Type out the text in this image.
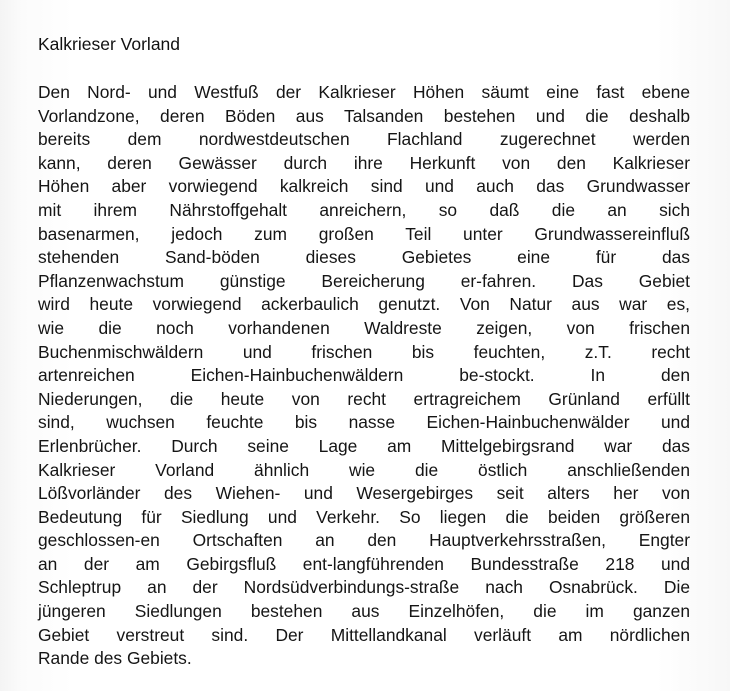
Kalkrieser Vorland
Den Nord- und Westfuß der Kalkrieser Höhen säumt eine fast ebene
Vorlandzone, deren Böden aus Talsanden bestehen und die deshalb
bereits dem nordwestdeutschen Flachland zugerechnet werden
kann, deren Gewässer durch ihre Herkunft von den Kalkrieser
Höhen aber vorwiegend kalkreich sind und auch das Grundwasser
mit ihrem Nährstoffgehalt anreichern, so daß die an sich
basenarmen, jedoch zum großen Teil unter Grundwassereinfluß
stehenden Sand-böden dieses Gebietes eine für das
Pflanzenwachstum günstige Bereicherung er-fahren. Das Gebiet
wird heute vorwiegend ackerbaulich genutzt. Von Natur aus war es,
wie die noch vorhandenen Waldreste zeigen, von frischen
Buchenmischwäldern und frischen bis feuchten, z.T. recht
artenreichen Eichen-Hainbuchenwäldern be-stockt. In den
Niederungen, die heute von recht ertragreichem Grünland erfüllt
sind, wuchsen feuchte bis nasse Eichen-Hainbuchenwälder und
Erlenbrücher. Durch seine Lage am Mittelgebirgsrand war das
Kalkrieser Vorland ähnlich wie die östlich anschließenden
Lößvorländer des Wiehen- und Wesergebirges seit alters her von
Bedeutung für Siedlung und Verkehr. So liegen die beiden größeren
geschlossen-en Ortschaften an den Hauptverkehrsstraßen, Engter
an der am Gebirgsfluß ent-langführenden Bundesstraße 218 und
Schleptrup an der Nordsüdverbindungs-straße nach Osnabrück. Die
jüngeren Siedlungen bestehen aus Einzelhöfen, die im ganzen
Gebiet verstreut sind. Der Mittellandkanal verläuft am nördlichen
Rande des Gebiets.
